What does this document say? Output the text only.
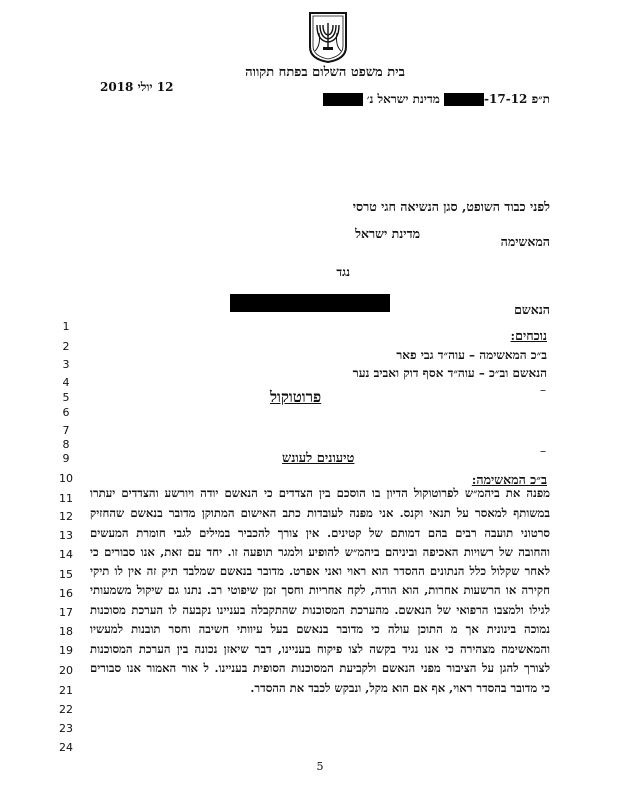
בית משפט השלום בפתח תקווה
12 יולי 2018
ת״פ 17-12- מדינת ישראל נ׳
לפני כבוד השופט, סגן הנשיאה חגי טרסי
המאשימה
מדינת ישראל
נגד
הנאשם
נוכחים:
ב״כ המאשימה – עוה״ד גבי פאר
הנאשם וב״כ – עוה״ד אסף דוק ואביב נער
–
פרוטוקול
–
טיעונים לעונש
ב״כ המאשימה:
מפנה את ביהמ״ש לפרוטוקול הדיון בו הוסכם בין הצדדים כי הנאשם יודה ויורשע והצדדים יעתרו
במשותף למאסר על תנאי וקנס. אני מפנה לעובדות כתב האישום המתוקן מדובר בנאשם שהחזיק
סרטוני תועבה רבים בהם דמותם של קטינים. אין צורך להכביר במילים לגבי חומרת המעשים
והחובה של רשויות האכיפה וביניהם ביהמ״ש להופיע ולמגר תופעה זו. יחד עם זאת, אנו סבורים כי
לאחר שקלול כלל הנתונים ההסדר הוא ראוי ואני אפרט. מדובר בנאשם שמלבד תיק זה אין לו תיקי
חקירה או הרשעות אחרות, הוא הודה, לקח אחריות וחסך זמן שיפוטי רב. נתנו גם שיקול משמעותי
לגילו ולמצבו הרפואי של הנאשם. מהערכת המסוכנות שהתקבלה בעניינו נקבעה לו הערכת מסוכנות
נמוכה בינונית אך מ התוכן עולה כי מדובר בנאשם בעל עיוותי חשיבה וחסר תובנות למעשיו
והמאשימה מצהירה כי אנו נגיד בקשה לצו פיקוח בעניינו, דבר שיאזן נכונה בין הערכת המסוכנות
לצורך להגן על הציבור מפני הנאשם ולקביעת המסוכנות הסופית בעניינו. ל אור האמור אנו סבורים
כי מדובר בהסדר ראוי, אף אם הוא מקל, ונבקש לכבד את ההסדר.
1
2
3
4
5
6
7
8
9
10
11
12
13
14
15
16
17
18
19
20
21
22
23
24
5
